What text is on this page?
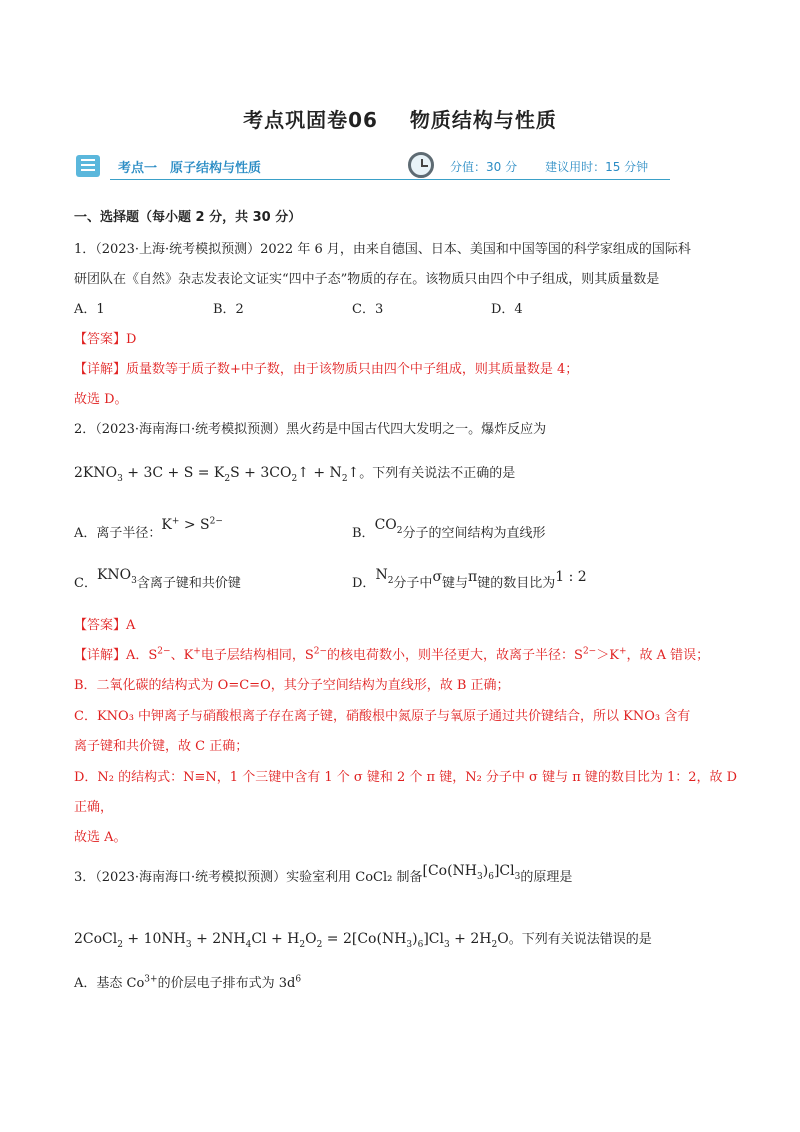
考点巩固卷06 物质结构与性质
考点一　原子结构与性质	分值：30 分 建议用时：15 分钟
一、选择题（每小题 2 分，共 30 分）
1．（2023·上海·统考模拟预测）2022 年 6 月，由来自德国、日本、美国和中国等国的科学家组成的国际科
研团队在《自然》杂志发表论文证实“四中子态”物质的存在。该物质只由四个中子组成，则其质量数是
A．1	B．2	C．3	D．4
【答案】D
【详解】质量数等于质子数+中子数，由于该物质只由四个中子组成，则其质量数是 4；
故选 D。
2．（2023·海南海口·统考模拟预测）黑火药是中国古代四大发明之一。爆炸反应为
$2KNO_3 + 3C + S = K_2S$ + $3CO_2↑$ + $N_2↑$。下列有关说法不正确的是
A．离子半径：$K^+ > S^{2-}$
B．$CO_2$分子的空间结构为直线形
C．$KNO_3$含离子键和共价键	D．$N_2$分子中σ键与π键的数目比为1 : 2
【答案】A
【详解】A．$S^{2-}$、K+电子层结构相同，$S^{2-}$的核电荷数小，则半径更大，故离子半径：$S^{2-}>K^+$，故 A 错误；
B．二氧化碳的结构式为 O=C=O，其分子空间结构为直线形，故 B 正确；
C．KNO₃ 中钾离子与硝酸根离子存在离子键，硝酸根中氮原子与氧原子通过共价键结合，所以 KNO₃ 含有
离子键和共价键，故 C 正确；
D．N₂ 的结构式：N≡N，1 个三键中含有 1 个 σ 键和 2 个 π 键，N₂ 分子中 σ 键与 π 键的数目比为 1：2，故 D
正确，
故选 A。
3．（2023·海南海口·统考模拟预测）实验室利用 CoCl₂ 制备$[Co(NH_3)_6]Cl_3$的原理是
2CoCl$_2$ + $10NH_3 + 2NH_4Cl + H_2O_2 = 2[Co(NH_3)_6]Cl_3 + 2H_2O$。下列有关说法错误的是
A．基态 $Co^{3+}$的价层电子排布式为 $3d^6$
